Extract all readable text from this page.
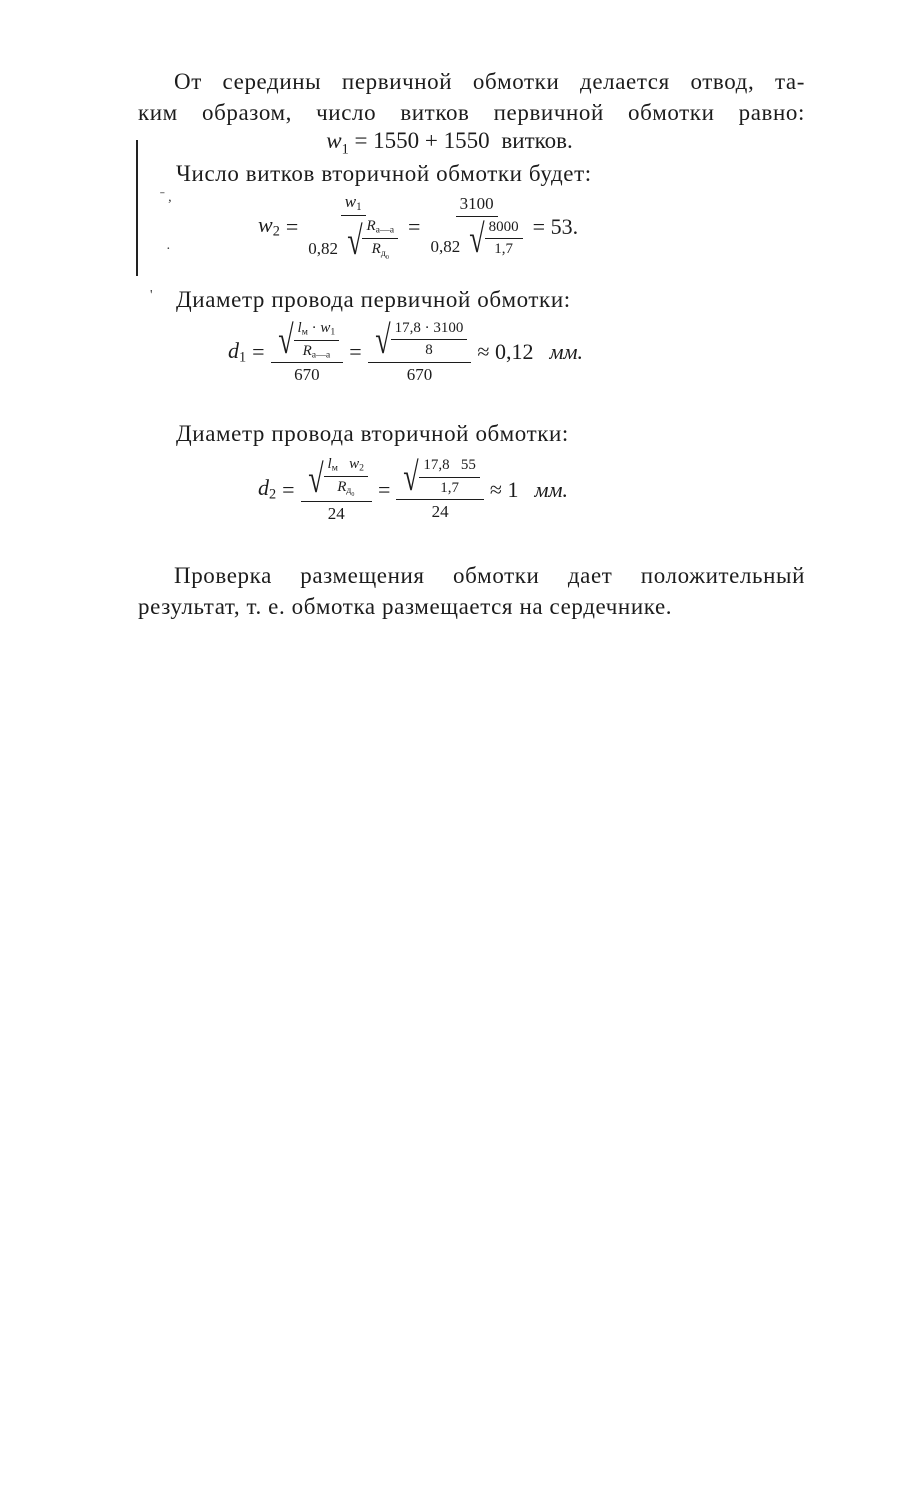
ˉ ,
·
'

От середины первичной обмотки делается отвод, та-
ким образом, число витков первичной обмотки равно:

$w_1 = 1550 + 1550$ витков.

Число витков вторичной обмотки будет:

$w_2$ =
$w_1$
0,82 √ $\frac{R_{а—а}}{R_{д_0}}$ =
3100
0,82 √ $\frac{8000}{1,7} = 53$.

Диаметр провода первичной обмотки:

$d_1 = \frac{√ \frac{l_м \cdot w_1}{R_{а—а}}}{670} = \frac{√ \frac{17,8 \cdot 3100}{8}}{670} \approx 0,12$ мм.

Диаметр провода вторичной обмотки:

$d_2 = \frac{√ \frac{l_м w_2}{R_{д_0}}}{24} = \frac{√ \frac{17,8 55}{1,7}}{24} \approx 1$ мм.

Проверка размещения обмотки дает положительный
результат, т. е. обмотка размещается на сердечнике.
